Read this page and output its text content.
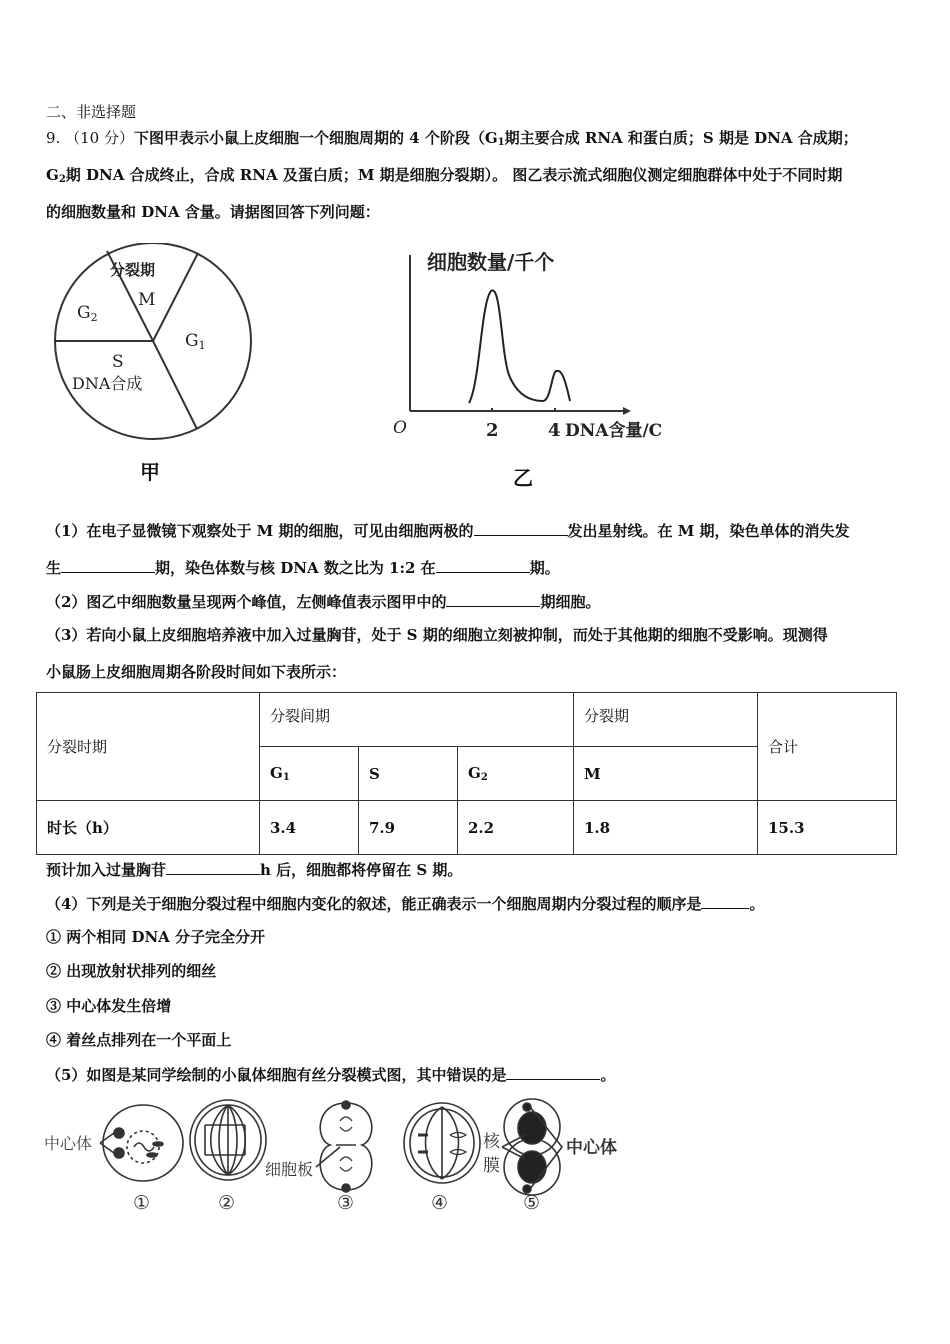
二、非选择题
9. （10 分）下图甲表示小鼠上皮细胞一个细胞周期的 4 个阶段（$G_1$期主要合成 RNA 和蛋白质；S 期是 DNA 合成期；
$G_2$期 DNA 合成终止，合成 RNA 及蛋白质；M 期是细胞分裂期）。 图乙表示流式细胞仪测定细胞群体中处于不同时期
的细胞数量和 DNA 含量。请据图回答下列问题：
分裂期
M
G2
G1
S
DNA合成
甲
细胞数量/千个
O	2	4 DNA含量/C
乙
（1）在电子显微镜下观察处于 M 期的细胞，可见由细胞两极的	发出星射线。在 M 期，染色单体的消失发
生	期，染色体数与核 DNA 数之比为 1:2 在	期。
（2）图乙中细胞数量呈现两个峰值，左侧峰值表示图甲中的	期细胞。
（3）若向小鼠上皮细胞培养液中加入过量胸苷，处于 S 期的细胞立刻被抑制，而处于其他期的细胞不受影响。现测得
小鼠肠上皮细胞周期各阶段时间如下表所示：
分裂时期	分裂间期			分裂期	合计
	$G_1$	S	$G_2$	M	
时长（h）	3.4	7.9	2.2	1.8	15.3
预计加入过量胸苷	h 后，细胞都将停留在 S 期。
（4）下列是关于细胞分裂过程中细胞内变化的叙述，能正确表示一个细胞周期内分裂过程的顺序是	。
① 两个相同 DNA 分子完全分开
② 出现放射状排列的细丝
③ 中心体发生倍增
④ 着丝点排列在一个平面上
（5）如图是某同学绘制的小鼠体细胞有丝分裂模式图，其中错误的是	。
中心体
细胞板
核
膜
中心体
①	②	③	④	⑤
